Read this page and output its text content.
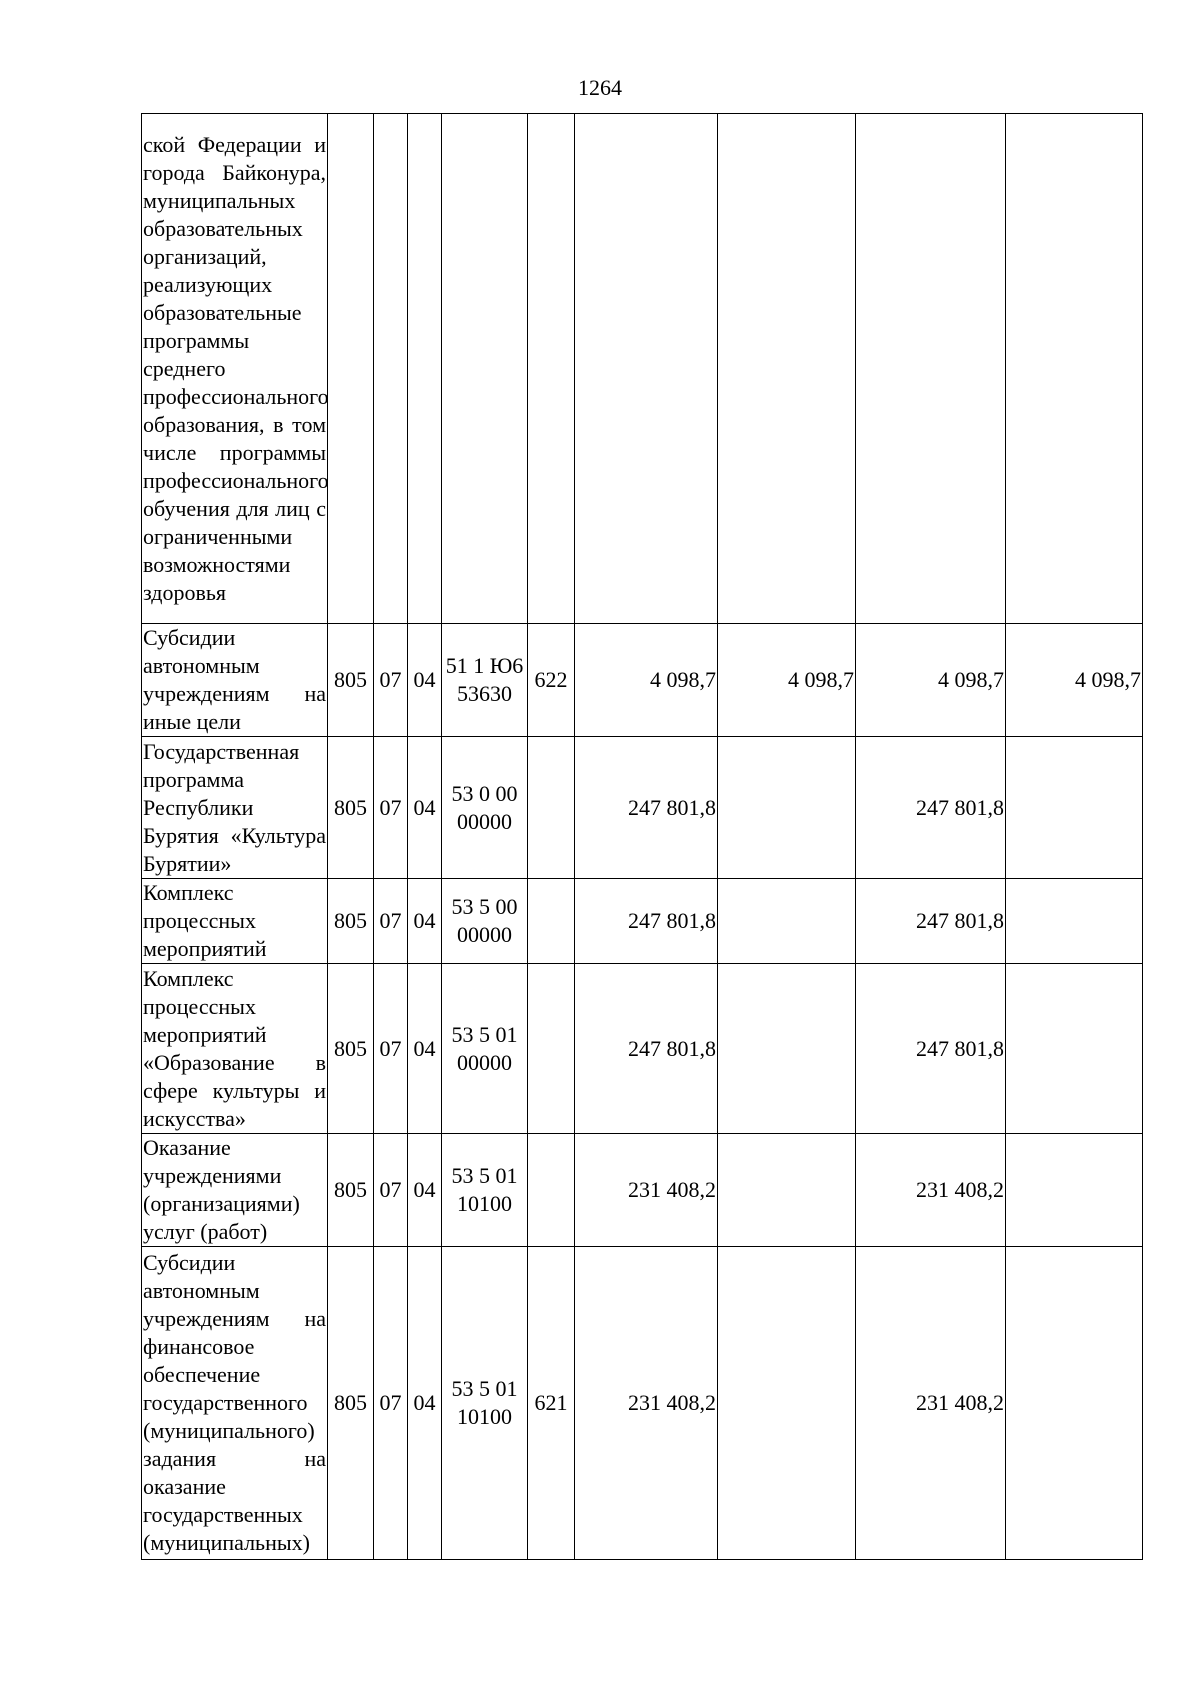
1264
ской Федерации и города Байконура, муниципальных образовательных организаций, реализующих образовательные программы среднего профессионального образования, в том числе программы профессионального обучения для лиц с ограниченными возможностями здоровья									
Субсидии автономным учреждениям на иные цели	805	07	04	51 1 Ю6 53630	622	4 098,7	4 098,7	4 098,7	4 098,7
Государственная программа Республики Бурятия «Культура Бурятии»	805	07	04	53 0 00 00000		247 801,8		247 801,8	
Комплекс процессных мероприятий	805	07	04	53 5 00 00000		247 801,8		247 801,8	
Комплекс процессных мероприятий «Образование в сфере культуры и искусства»	805	07	04	53 5 01 00000		247 801,8		247 801,8	
Оказание учреждениями (организациями) услуг (работ)	805	07	04	53 5 01 10100		231 408,2		231 408,2	
Субсидии автономным учреждениям на финансовое обеспечение государственного (муниципального) задания на оказание государственных (муниципальных)	805	07	04	53 5 01 10100	621	231 408,2		231 408,2	
